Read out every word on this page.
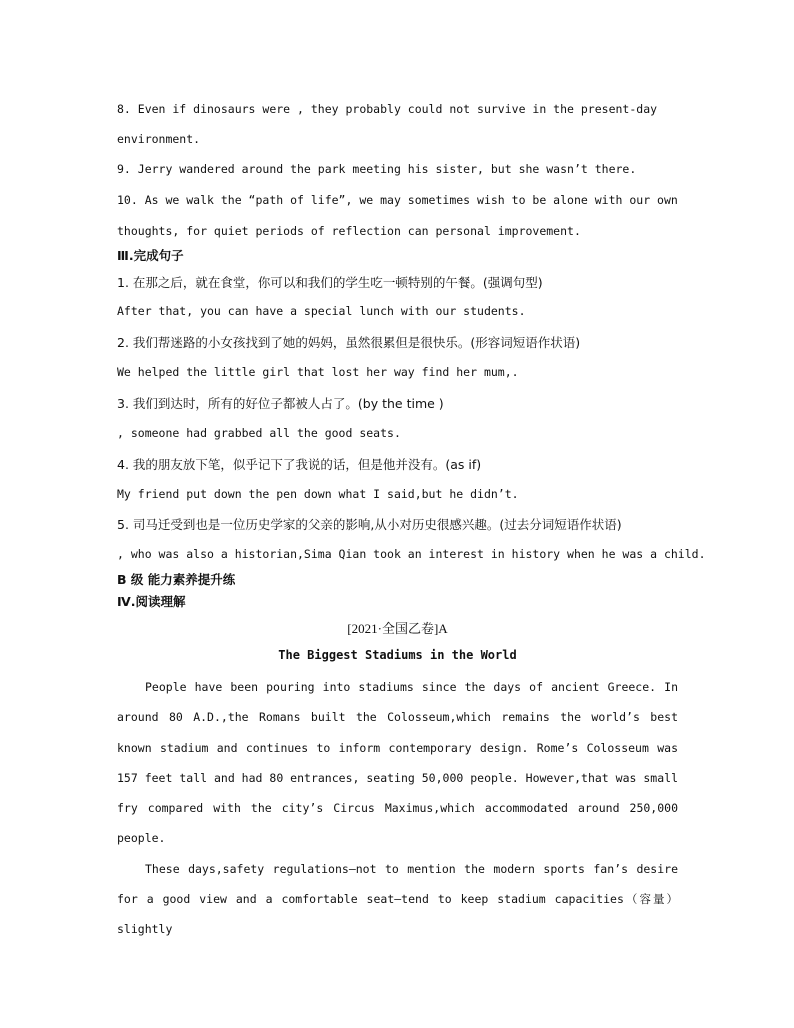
8. Even if dinosaurs were , they probably could not survive in the present-day
environment.
9. Jerry wandered around the park meeting his sister, but she wasn’t there.
10. As we walk the “path of life”, we may sometimes wish to be alone with our own
thoughts, for quiet periods of reflection can personal improvement.
Ⅲ.完成句子
1. 在那之后，就在食堂，你可以和我们的学生吃一顿特别的午餐。(强调句型)
After that, you can have a special lunch with our students.
2. 我们帮迷路的小女孩找到了她的妈妈，虽然很累但是很快乐。(形容词短语作状语)
We helped the little girl that lost her way find her mum,.
3. 我们到达时，所有的好位子都被人占了。(by the time )
, someone had grabbed all the good seats.
4. 我的朋友放下笔，似乎记下了我说的话，但是他并没有。(as if)
My friend put down the pen down what I said,but he didn’t.
5. 司马迁受到也是一位历史学家的父亲的影响,从小对历史很感兴趣。(过去分词短语作状语)
, who was also a historian,Sima Qian took an interest in history when he was a child.
B 级 能力素养提升练
Ⅳ.阅读理解
[2021·全国乙卷]A
The Biggest Stadiums in the World

People have been pouring into stadiums since the days of ancient Greece. In around 80 A.D.,the Romans built the Colosseum,which remains the world’s best known stadium and continues to inform contemporary design. Rome’s Colosseum was 157 feet tall and had 80 entrances, seating 50,000 people. However,that was small fry compared with the city’s Circus Maximus,which accommodated around 250,000 people.

These days,safety regulations—not to mention the modern sports fan’s desire for a good view and a comfortable seat—tend to keep stadium capacities（容量） slightly
